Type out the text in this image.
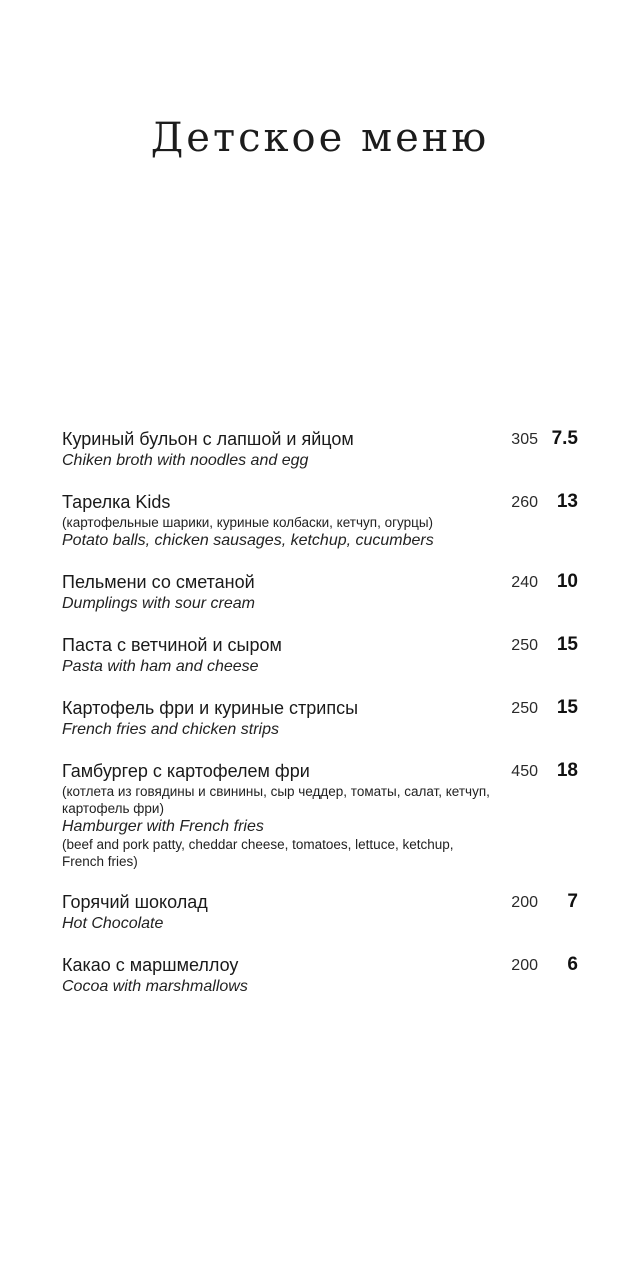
Детское меню
Куриный бульон с лапшой и яйцом
Chiken broth with noodles and egg
305 7.5
Тарелка Kids
(картофельные шарики, куриные колбаски, кетчуп, огурцы)
Potato balls, chicken sausages, ketchup, cucumbers
260 13
Пельмени со сметаной
Dumplings with sour cream
240 10
Паста с ветчиной и сыром
Pasta with ham and cheese
250 15
Картофель фри и куриные стрипсы
French fries and chicken strips
250 15
Гамбургер с картофелем фри
(котлета из говядины и свинины, сыр чеддер, томаты, салат, кетчуп, картофель фри)
Hamburger with French fries
(beef and pork patty, cheddar cheese, tomatoes, lettuce, ketchup, French fries)
450 18
Горячий шоколад
Hot Chocolate
200	7
Какао с маршмеллоу
Cocoa with marshmallows
200	6
